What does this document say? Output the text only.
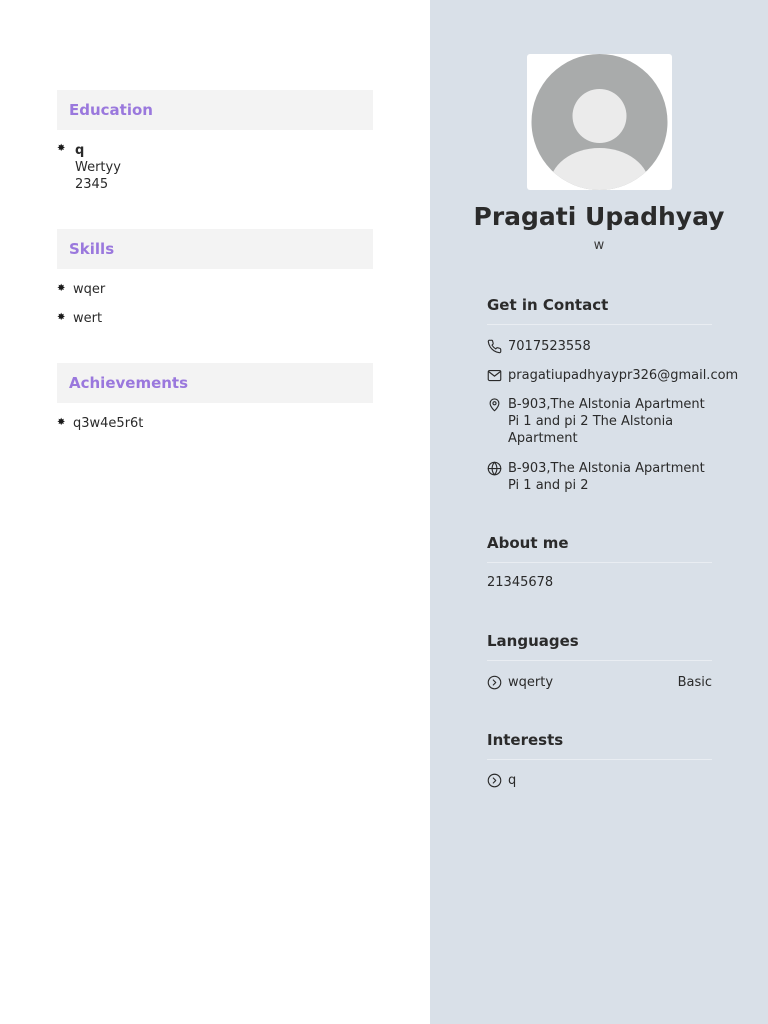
Education
✸ q
Wertyy
2345
Skills
✸ wqer
✸ wert
Achievements
✸ q3w4e5r6t
Pragati Upadhyay
w
Get in Contact
7017523558
pragatiupadhyaypr326@gmail.com
B-903,The Alstonia Apartment Pi 1 and pi 2 The Alstonia Apartment
B-903,The Alstonia Apartment Pi 1 and pi 2
About me
21345678
Languages
wqerty	Basic
Interests
q
